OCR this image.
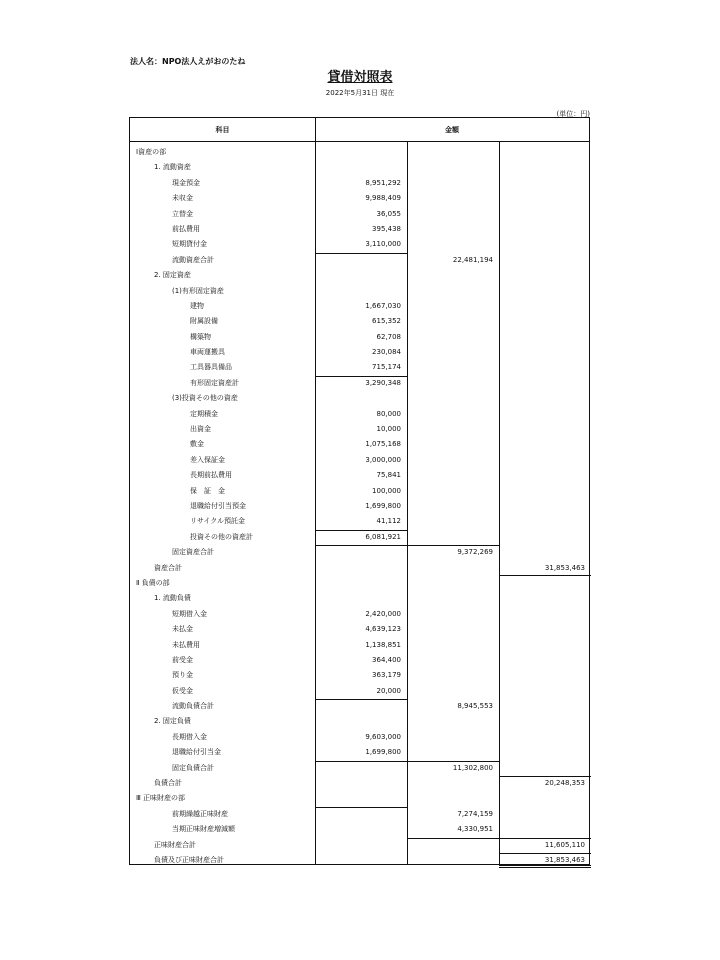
法人名：NPO法人えがおのたね
貸借対照表
2022年5月31日 現在
(単位：円)
科目	金額
Ⅰ資産の部
1. 流動資産
現金預金	8,951,292
未収金	9,988,409
立替金	36,055
前払費用	395,438
短期貸付金	3,110,000
流動資産合計	22,481,194
2. 固定資産
(1)有形固定資産
建物	1,667,030
附属設備	615,352
構築物	62,708
車両運搬具	230,084
工具器具備品	715,174
有形固定資産計	3,290,348
(3)投資その他の資産
定期積金	80,000
出資金	10,000
敷金	1,075,168
差入保証金	3,000,000
長期前払費用	75,841
保　証　金	100,000
退職給付引当預金	1,699,800
リサイクル預託金	41,112
投資その他の資産計	6,081,921
固定資産合計	9,372,269
資産合計	31,853,463
Ⅱ 負債の部
1. 流動負債
短期借入金	2,420,000
未払金	4,639,123
未払費用	1,138,851
前受金	364,400
預り金	363,179
仮受金	20,000
流動負債合計	8,945,553
2. 固定負債
長期借入金	9,603,000
退職給付引当金	1,699,800
固定負債合計	11,302,800
負債合計	20,248,353
Ⅲ 正味財産の部
前期繰越正味財産	7,274,159
当期正味財産増減額	4,330,951
正味財産合計	11,605,110
負債及び正味財産合計	31,853,463
